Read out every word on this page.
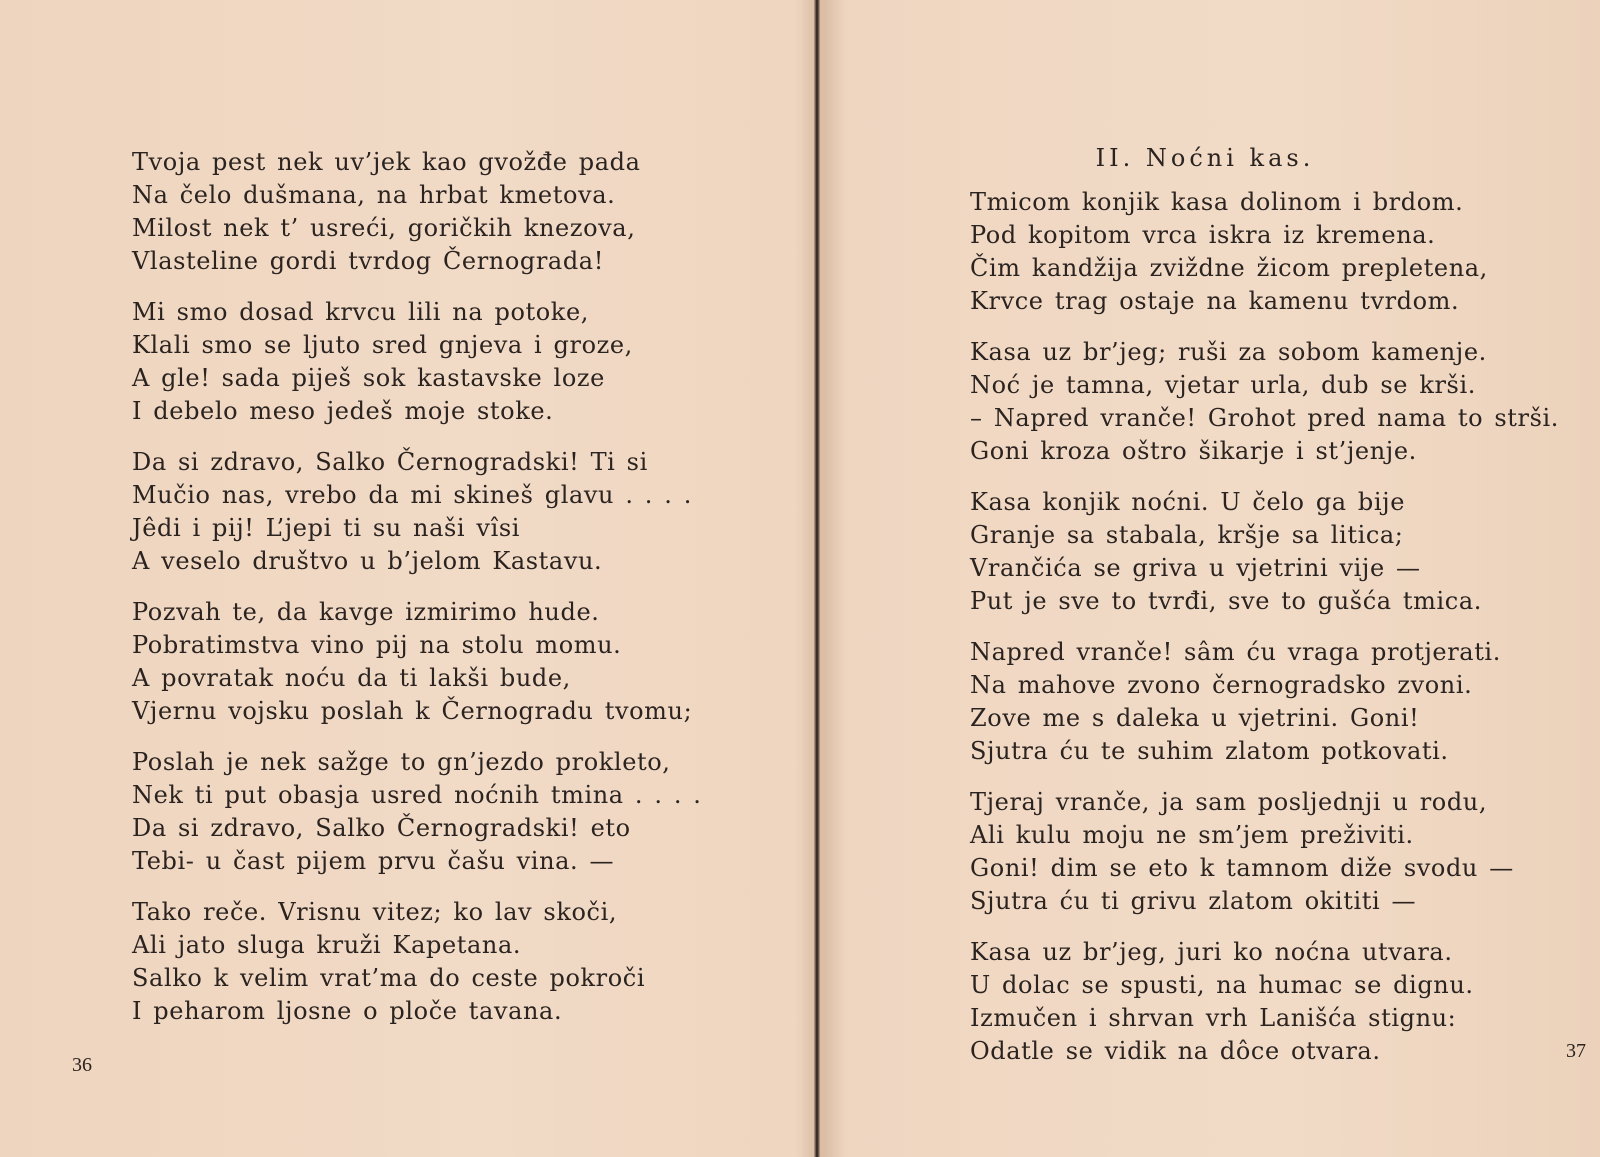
Tvoja pest nek uv’jek kao gvožđe pada
Na čelo dušmana, na hrbat kmetova.
Milost nek t’ usreći, goričkih knezova,
Vlasteline gordi tvrdog Černograda!
Mi smo dosad krvcu lili na potoke,
Klali smo se ljuto sred gnjeva i groze,
A gle! sada piješ sok kastavske loze
I debelo meso jedeš moje stoke.
Da si zdravo, Salko Černogradski! Ti si
Mučio nas, vrebo da mi skineš glavu . . . .
Jêdi i pij! L’jepi ti su naši vîsi
A veselo društvo u b’jelom Kastavu.
Pozvah te, da kavge izmirimo hude.
Pobratimstva vino pij na stolu momu.
A povratak noću da ti lakši bude,
Vjernu vojsku poslah k Černogradu tvomu;
Poslah je nek sažge to gn’jezdo prokleto,
Nek ti put obasja usred noćnih tmina . . . .
Da si zdravo, Salko Černogradski! eto
Tebi- u čast pijem prvu čašu vina. —
Tako reče. Vrisnu vitez; ko lav skoči,
Ali jato sluga kruži Kapetana.
Salko k velim vrat’ma do ceste pokroči
I peharom ljosne o ploče tavana.
36
II. Noćni kas.
Tmicom konjik kasa dolinom i brdom.
Pod kopitom vrca iskra iz kremena.
Čim kandžija zviždne žicom prepletena,
Krvce trag ostaje na kamenu tvrdom.
Kasa uz br’jeg; ruši za sobom kamenje.
Noć je tamna, vjetar urla, dub se krši.
– Napred vranče! Grohot pred nama to strši.
Goni kroza oštro šikarje i st’jenje.
Kasa konjik noćni. U čelo ga bije
Granje sa stabala, kršje sa litica;
Vrančića se griva u vjetrini vije —
Put je sve to tvrđi, sve to gušća tmica.
Napred vranče! sâm ću vraga protjerati.
Na mahove zvono černogradsko zvoni.
Zove me s daleka u vjetrini. Goni!
Sjutra ću te suhim zlatom potkovati.
Tjeraj vranče, ja sam posljednji u rodu,
Ali kulu moju ne sm’jem preživiti.
Goni! dim se eto k tamnom diže svodu —
Sjutra ću ti grivu zlatom okititi —
Kasa uz br’jeg, juri ko noćna utvara.
U dolac se spusti, na humac se dignu.
Izmučen i shrvan vrh Lanišća stignu:
Odatle se vidik na dôce otvara.	37
